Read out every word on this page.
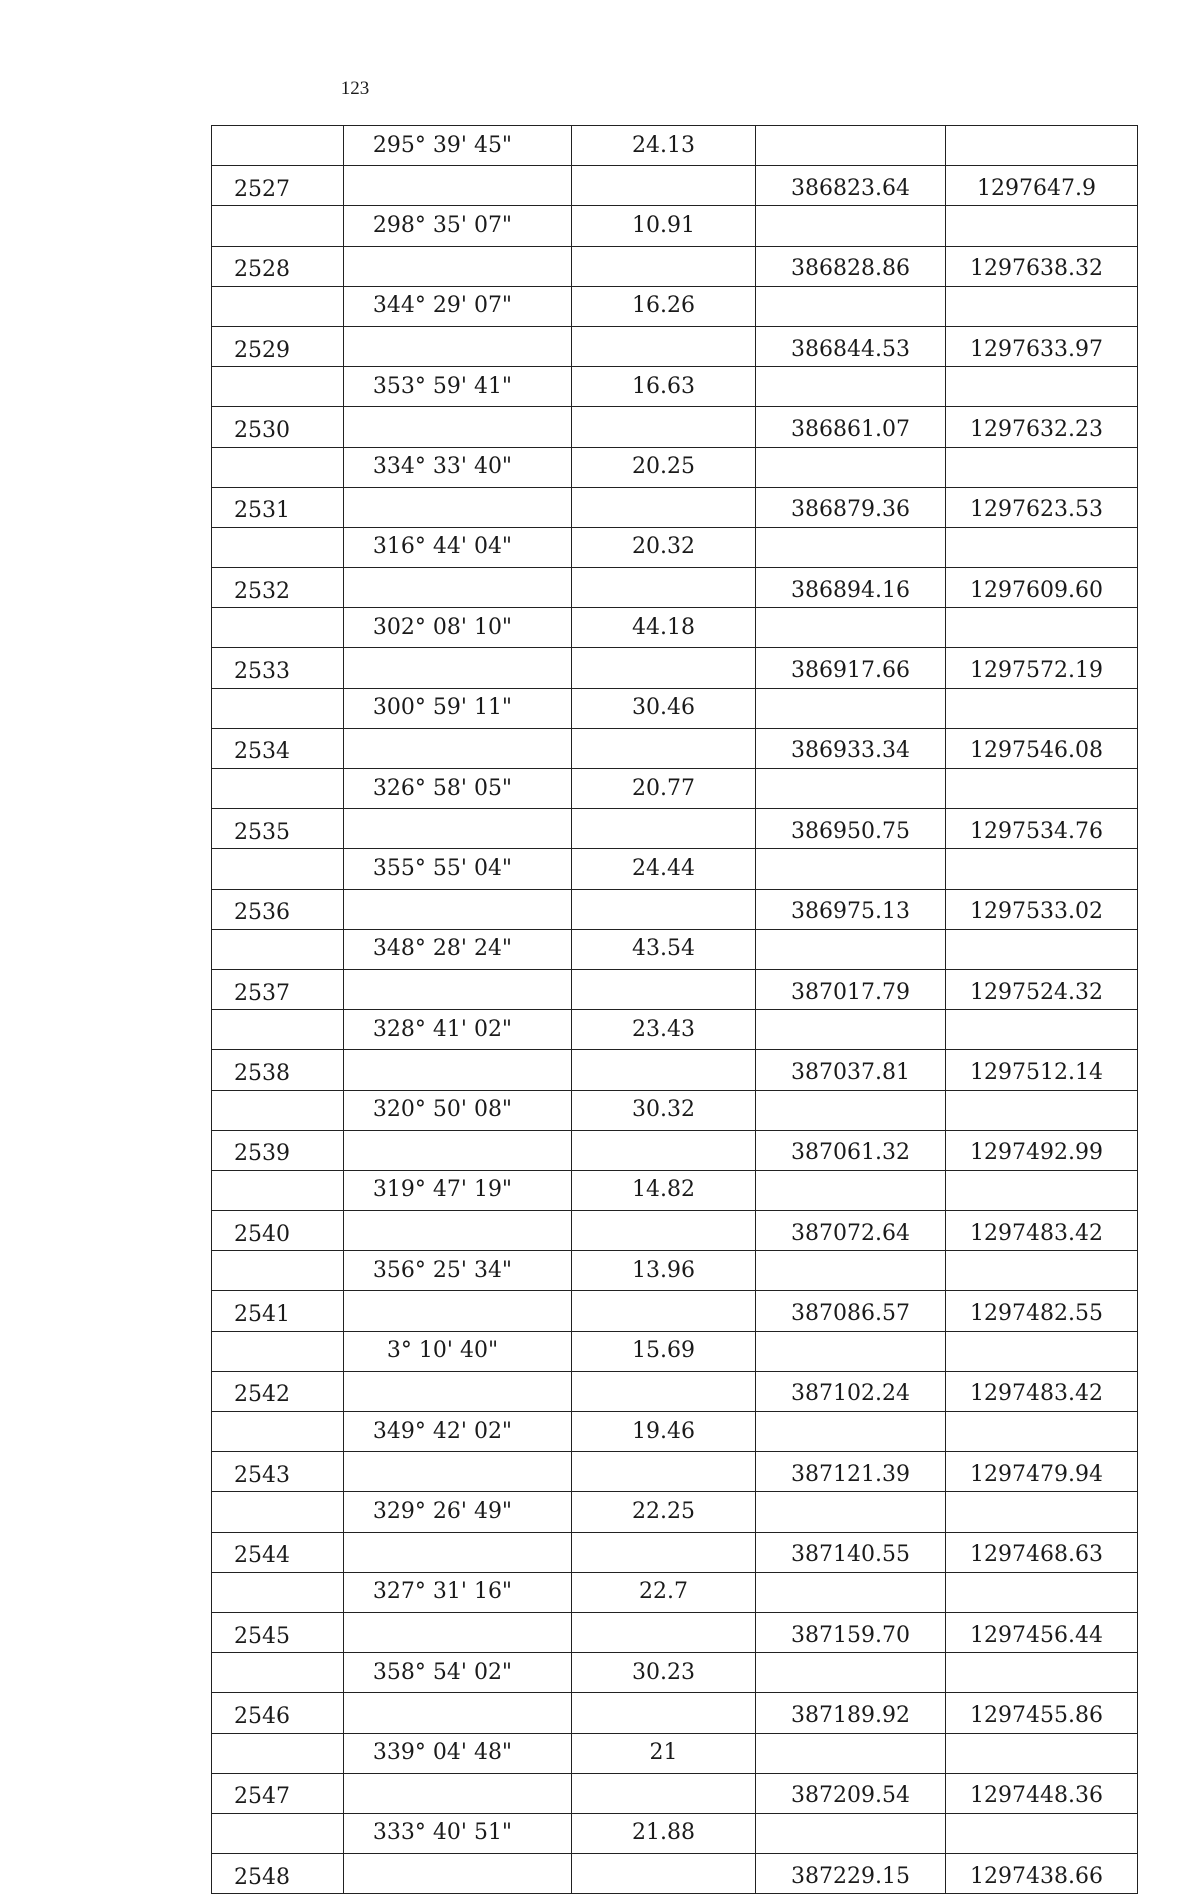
123
	295° 39' 45"	24.13		
2527			386823.64	1297647.9
	298° 35' 07"	10.91		
2528			386828.86	1297638.32
	344° 29' 07"	16.26		
2529			386844.53	1297633.97
	353° 59' 41"	16.63		
2530			386861.07	1297632.23
	334° 33' 40"	20.25		
2531			386879.36	1297623.53
	316° 44' 04"	20.32		
2532			386894.16	1297609.60
	302° 08' 10"	44.18		
2533			386917.66	1297572.19
	300° 59' 11"	30.46		
2534			386933.34	1297546.08
	326° 58' 05"	20.77		
2535			386950.75	1297534.76
	355° 55' 04"	24.44		
2536			386975.13	1297533.02
	348° 28' 24"	43.54		
2537			387017.79	1297524.32
	328° 41' 02"	23.43		
2538			387037.81	1297512.14
	320° 50' 08"	30.32		
2539			387061.32	1297492.99
	319° 47' 19"	14.82		
2540			387072.64	1297483.42
	356° 25' 34"	13.96		
2541			387086.57	1297482.55
	3° 10' 40"	15.69		
2542			387102.24	1297483.42
	349° 42' 02"	19.46		
2543			387121.39	1297479.94
	329° 26' 49"	22.25		
2544			387140.55	1297468.63
	327° 31' 16"	22.7		
2545			387159.70	1297456.44
	358° 54' 02"	30.23		
2546			387189.92	1297455.86
	339° 04' 48"	21		
2547			387209.54	1297448.36
	333° 40' 51"	21.88		
2548			387229.15	1297438.66
